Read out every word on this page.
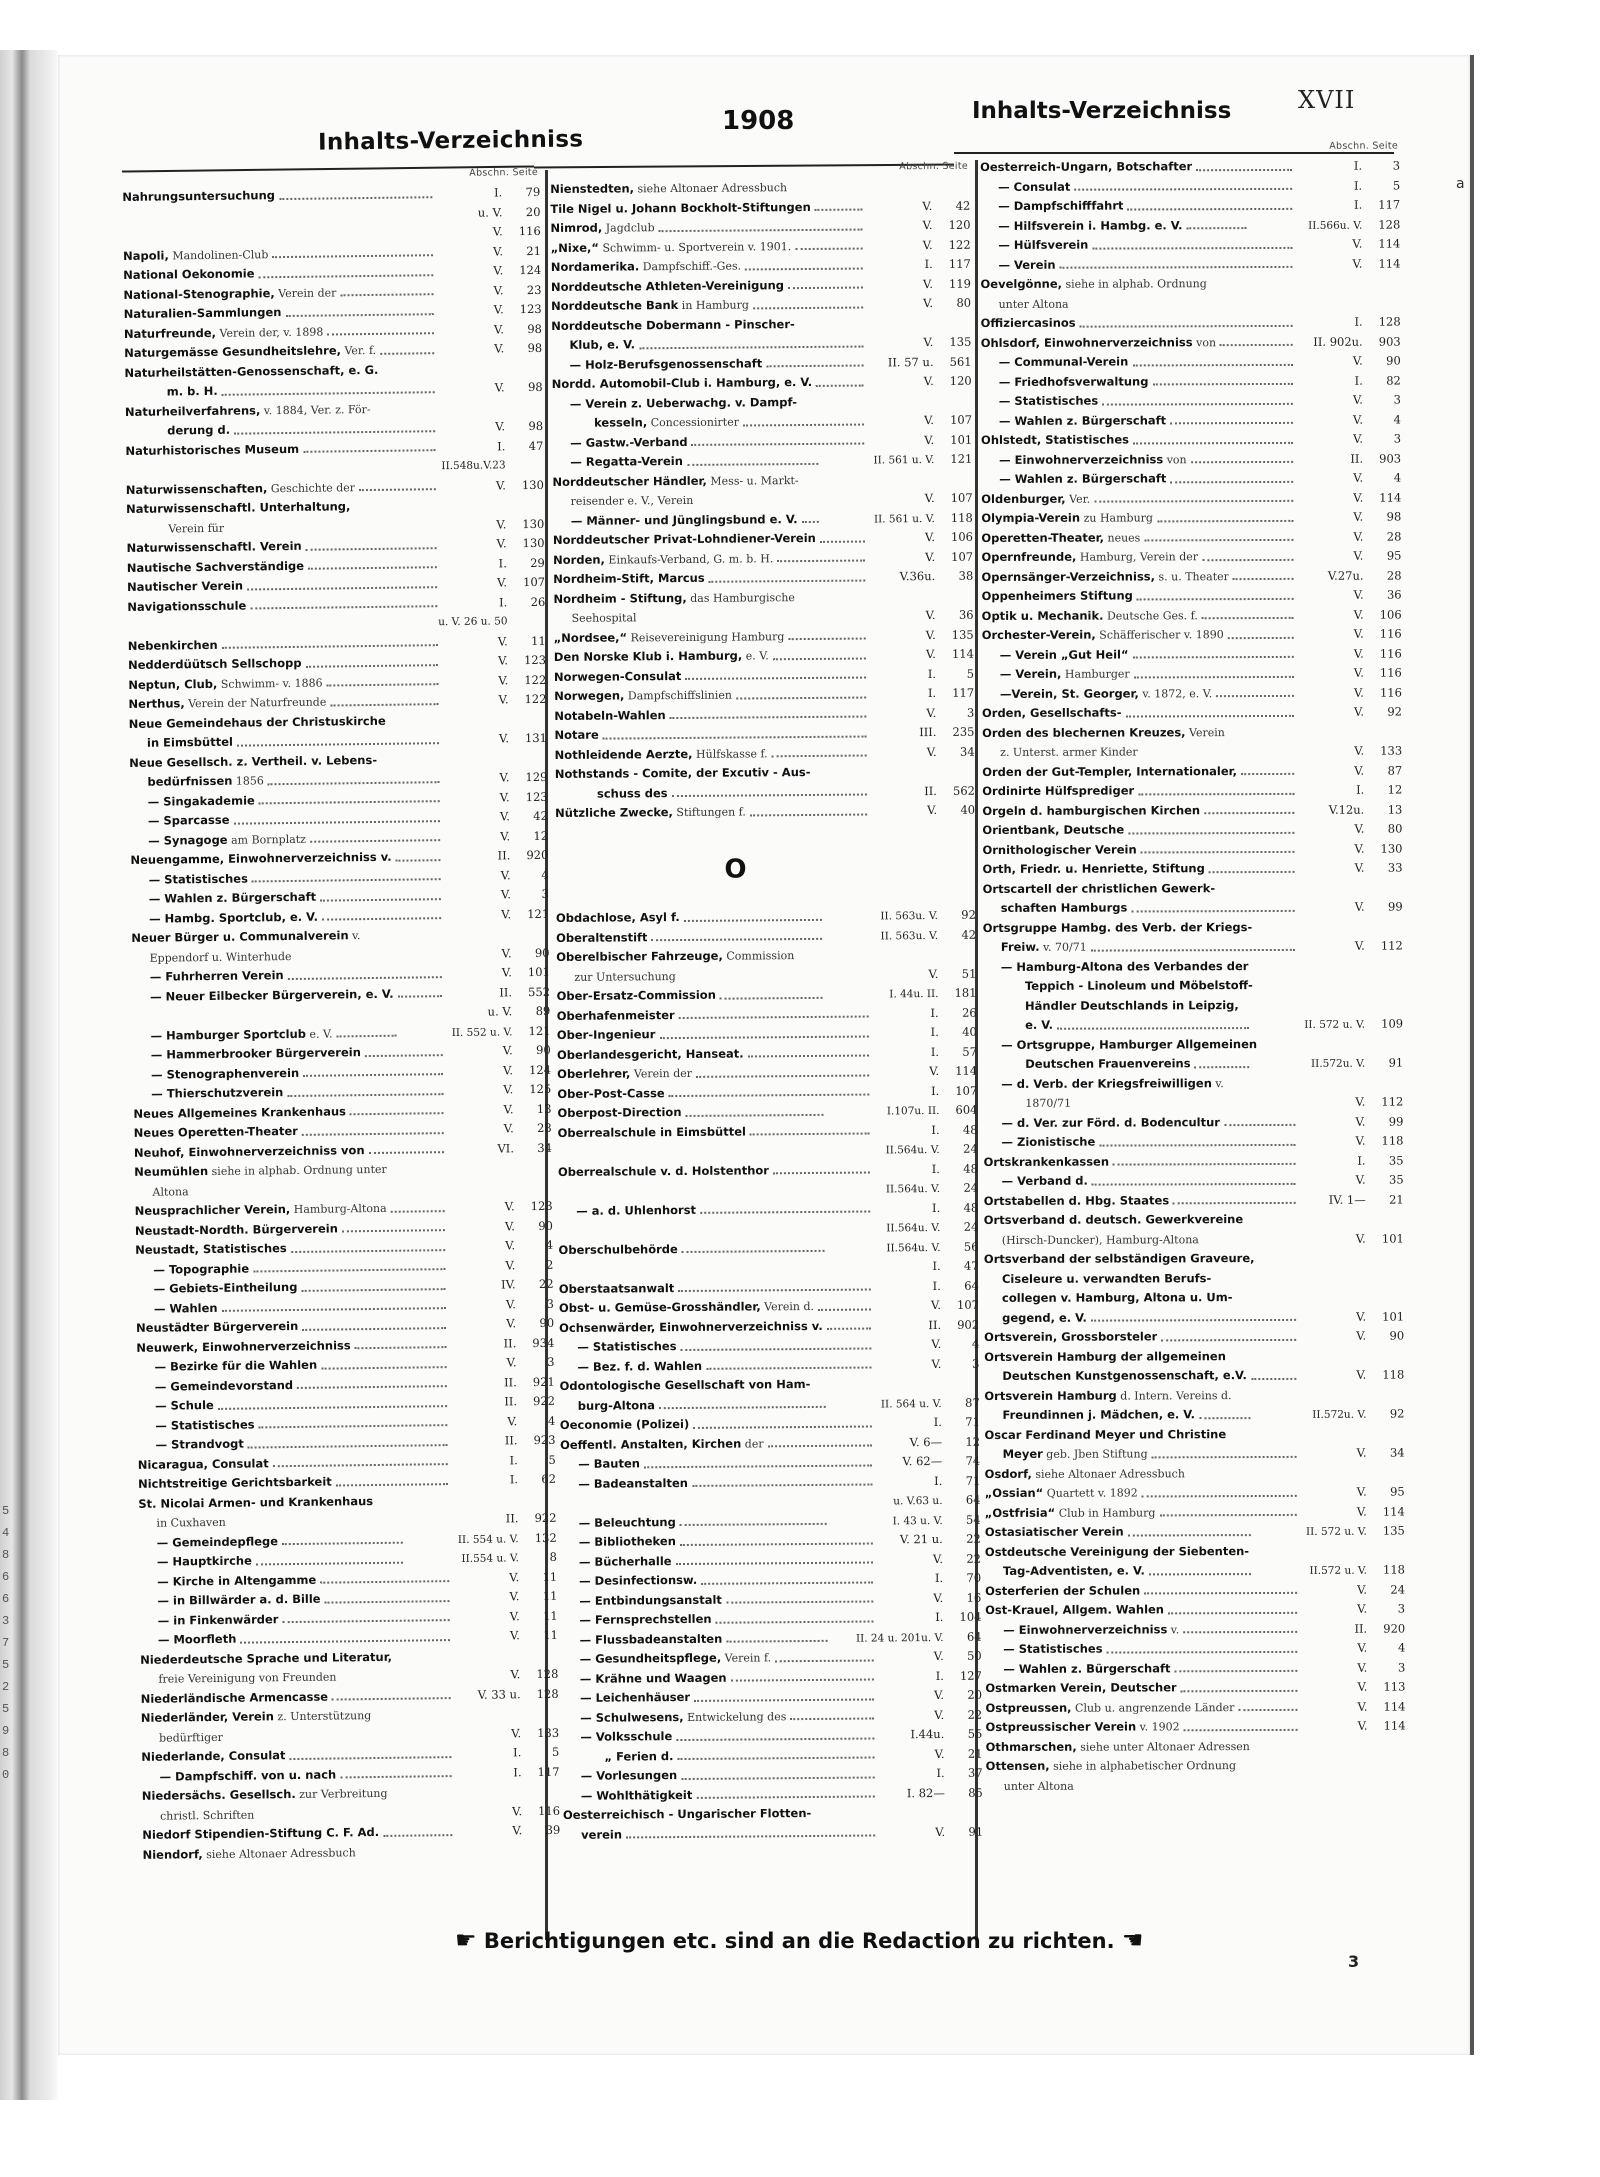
5
4
8
6
6
3
7
5
2
5
9
8
0
Inhalts-Verzeichniss
1908	Inhalts-Verzeichniss	XVII
Abschn. Seite
Nahrungsuntersuchung	I.	79
u. V.	20
V.	116
Napoli, Mandolinen-Club	V.	21
National Oekonomie	V.	124
National-Stenographie, Verein der	V.	23
Naturalien-Sammlungen	V.	123
Naturfreunde, Verein der, v. 1898	V.	98
Naturgemässe Gesundheitslehre, Ver. f.	V.	98
Naturheilstätten-Genossenschaft, e. G.
m. b. H.	V.	98
Naturheilverfahrens, v. 1884, Ver. z. För-
derung d.	V.	98
Naturhistorisches Museum	I.	47
II.548u.V.23
Naturwissenschaften, Geschichte der	V.	130
Naturwissenschaftl. Unterhaltung,
Verein für	V.	130
Naturwissenschaftl. Verein	V.	130
Nautische Sachverständige	I.	29
Nautischer Verein	V.	107
Navigationsschule	I.	26
u. V. 26 u. 50
Nebenkirchen	V.	11
Nedderdüütsch Sellschopp	V.	123
Neptun, Club, Schwimm- v. 1886	V.	122
Nerthus, Verein der Naturfreunde	V.	122
Neue Gemeindehaus der Christuskirche
in Eimsbüttel	V.	131
Neue Gesellsch. z. Vertheil. v. Lebens-
bedürfnissen 1856	V.	129
— Singakademie	V.	123
— Sparcasse	V.	42
— Synagoge am Bornplatz	V.	12
Neuengamme, Einwohnerverzeichniss v.	II.	920
— Statistisches	V.	4
— Wahlen z. Bürgerschaft	V.	3
— Hambg. Sportclub, e. V.	V.	121
Neuer Bürger u. Communalverein v.
Eppendorf u. Winterhude	V.	90
— Fuhrherren Verein	V.	101
— Neuer Eilbecker Bürgerverein, e. V.	II.	552
u. V.	89
— Hamburger Sportclub e. V.	II. 552 u. V.	121
— Hammerbrooker Bürgerverein	V.	90
— Stenographenverein	V.	124
— Thierschutzverein	V.	125
Neues Allgemeines Krankenhaus	V.	13
Neues Operetten-Theater	V.	28
Neuhof, Einwohnerverzeichniss von	VI.	34
Neumühlen siehe in alphab. Ordnung unter
Altona
Neusprachlicher Verein, Hamburg-Altona	V.	123
Neustadt-Nordth. Bürgerverein	V.	90
Neustadt, Statistisches	V.	4
— Topographie	V.	2
— Gebiets-Eintheilung	IV.	22
— Wahlen	V.	3
Neustädter Bürgerverein	V.	90
Neuwerk, Einwohnerverzeichniss	II.	934
— Bezirke für die Wahlen	V.	3
— Gemeindevorstand	II.	921
— Schule	II.	922
— Statistisches	V.	4
— Strandvogt	II.	923
Nicaragua, Consulat	I.	5
Nichtstreitige Gerichtsbarkeit	I.	62
St. Nicolai Armen- und Krankenhaus
in Cuxhaven	II.	922
— Gemeindepflege	II. 554 u. V.	132
— Hauptkirche	II.554 u. V.	8
— Kirche in Altengamme	V.	11
— in Billwärder a. d. Bille	V.	11
— in Finkenwärder	V.	11
— Moorfleth	V.	11
Niederdeutsche Sprache und Literatur,
freie Vereinigung von Freunden	V.	128
Niederländische Armencasse	V. 33 u.	128
Niederländer, Verein z. Unterstützung
bedürftiger	V.	133
Niederlande, Consulat	I.	5
— Dampfschiff. von u. nach	I.	117
Niedersächs. Gesellsch. zur Verbreitung
christl. Schriften	V.	116
Niedorf Stipendien-Stiftung C. F. Ad.	V.	39
Niendorf, siehe Altonaer Adressbuch
Abschn. Seite
Nienstedten, siehe Altonaer Adressbuch
Tile Nigel u. Johann Bockholt-Stiftungen	V.	42
Nimrod, Jagdclub	V.	120
„Nixe,“ Schwimm- u. Sportverein v. 1901.	V.	122
Nordamerika. Dampfschiff.-Ges.	I.	117
Norddeutsche Athleten-Vereinigung	V.	119
Norddeutsche Bank in Hamburg	V.	80
Norddeutsche Dobermann - Pinscher-
Klub, e. V.	V.	135
— Holz-Berufsgenossenschaft	II. 57 u.	561
Nordd. Automobil-Club i. Hamburg, e. V.	V.	120
— Verein z. Ueberwachg. v. Dampf-
kesseln, Concessionirter	V.	107
— Gastw.-Verband	V.	101
— Regatta-Verein	II. 561 u. V.	121
Norddeutscher Händler, Mess- u. Markt-
reisender e. V., Verein	V.	107
— Männer- und Jünglingsbund e. V.	II. 561 u. V.	118
Norddeutscher Privat-Lohndiener-Verein	V.	106
Norden, Einkaufs-Verband, G. m. b. H.	V.	107
Nordheim-Stift, Marcus	V.36u.	38
Nordheim - Stiftung, das Hamburgische
Seehospital	V.	36
„Nordsee,“ Reisevereinigung Hamburg	V.	135
Den Norske Klub i. Hamburg, e. V.	V.	114
Norwegen-Consulat	I.	5
Norwegen, Dampfschiffslinien	I.	117
Notabeln-Wahlen	V.	3
Notare	III.	235
Nothleidende Aerzte, Hülfskasse f.	V.	34
Nothstands - Comite, der Excutiv - Aus-
schuss des	II.	562
Nützliche Zwecke, Stiftungen f.	V.	40
O
Obdachlose, Asyl f.	II. 563u. V.	92
Oberaltenstift	II. 563u. V.	42
Oberelbischer Fahrzeuge, Commission
zur Untersuchung	V.	51
Ober-Ersatz-Commission	I. 44u. II.	181
Oberhafenmeister	I.	26
Ober-Ingenieur	I.	40
Oberlandesgericht, Hanseat.	I.	57
Oberlehrer, Verein der	V.	114
Ober-Post-Casse	I.	107
Oberpost-Direction	I.107u. II.	604
Oberrealschule in Eimsbüttel	I.	48
II.564u. V.	24
Oberrealschule v. d. Holstenthor	I.	48
II.564u. V.	24
— a. d. Uhlenhorst	I.	48
II.564u. V.	24
Oberschulbehörde	II.564u. V.	56
I.	47
Oberstaatsanwalt	I.	64
Obst- u. Gemüse-Grosshändler, Verein d.	V.	107
Ochsenwärder, Einwohnerverzeichniss v.	II.	902
— Statistisches	V.	4
— Bez. f. d. Wahlen	V.	3
Odontologische Gesellschaft von Ham-
burg-Altona	II. 564 u. V.	87
Oeconomie (Polizei)	I.	71
Oeffentl. Anstalten, Kirchen der	V. 6—	12
— Bauten	V. 62—	74
— Badeanstalten	I.	71
u. V.63 u.	64
— Beleuchtung	I. 43 u. V.	54
— Bibliotheken	V. 21 u.	22
— Bücherhalle	V.	22
— Desinfectionsw.	I.	70
— Entbindungsanstalt	V.	16
— Fernsprechstellen	I.	104
— Flussbadeanstalten	II. 24 u. 201u. V.	64
— Gesundheitspflege, Verein f.	V.	50
— Krähne und Waagen	I.	127
— Leichenhäuser	V.	20
— Schulwesens, Entwickelung des	V.	22
— Volksschule	I.44u.	55
„ Ferien d.	V.	21
— Vorlesungen	I.	37
— Wohlthätigkeit	I. 82—	85
Oesterreichisch - Ungarischer Flotten-
verein	V.	91
Abschn. Seite
Oesterreich-Ungarn, Botschafter	I.	3
— Consulat	I.	5
— Dampfschifffahrt	I.	117
— Hilfsverein i. Hambg. e. V.	II.566u. V.	128
— Hülfsverein	V.	114
— Verein	V.	114
Oevelgönne, siehe in alphab. Ordnung
unter Altona
Offiziercasinos	I.	128
Ohlsdorf, Einwohnerverzeichniss von	II. 902u.	903
— Communal-Verein	V.	90
— Friedhofsverwaltung	I.	82
— Statistisches	V.	3
— Wahlen z. Bürgerschaft	V.	4
Ohlstedt, Statistisches	V.	3
— Einwohnerverzeichniss von	II.	903
— Wahlen z. Bürgerschaft	V.	4
Oldenburger, Ver.	V.	114
Olympia-Verein zu Hamburg	V.	98
Operetten-Theater, neues	V.	28
Opernfreunde, Hamburg, Verein der	V.	95
Opernsänger-Verzeichniss, s. u. Theater	V.27u.	28
Oppenheimers Stiftung	V.	36
Optik u. Mechanik. Deutsche Ges. f.	V.	106
Orchester-Verein, Schäfferischer v. 1890	V.	116
— Verein „Gut Heil“	V.	116
— Verein, Hamburger	V.	116
—Verein, St. Georger, v. 1872, e. V.	V.	116
Orden, Gesellschafts-	V.	92
Orden des blechernen Kreuzes, Verein
z. Unterst. armer Kinder	V.	133
Orden der Gut-Templer, Internationaler,	V.	87
Ordinirte Hülfsprediger	I.	12
Orgeln d. hamburgischen Kirchen	V.12u.	13
Orientbank, Deutsche	V.	80
Ornithologischer Verein	V.	130
Orth, Friedr. u. Henriette, Stiftung	V.	33
Ortscartell der christlichen Gewerk-
schaften Hamburgs	V.	99
Ortsgruppe Hambg. des Verb. der Kriegs-
Freiw. v. 70/71	V.	112
— Hamburg-Altona des Verbandes der
Teppich - Linoleum und Möbelstoff-
Händler Deutschlands in Leipzig,
e. V.	II. 572 u. V.	109
— Ortsgruppe, Hamburger Allgemeinen
Deutschen Frauenvereins	II.572u. V.	91
— d. Verb. der Kriegsfreiwilligen v.
1870/71	V.	112
— d. Ver. zur Förd. d. Bodencultur	V.	99
— Zionistische	V.	118
Ortskrankenkassen	I.	35
— Verband d.	V.	35
Ortstabellen d. Hbg. Staates	IV. 1—	21
Ortsverband d. deutsch. Gewerkvereine
(Hirsch-Duncker), Hamburg-Altona	V.	101
Ortsverband der selbständigen Graveure,
Ciseleure u. verwandten Berufs-
collegen v. Hamburg, Altona u. Um-
gegend, e. V.	V.	101
Ortsverein, Grossborsteler	V.	90
Ortsverein Hamburg der allgemeinen
Deutschen Kunstgenossenschaft, e.V.	V.	118
Ortsverein Hamburg d. Intern. Vereins d.
Freundinnen j. Mädchen, e. V.	II.572u. V.	92
Oscar Ferdinand Meyer und Christine
Meyer geb. Jben Stiftung	V.	34
Osdorf, siehe Altonaer Adressbuch
„Ossian“ Quartett v. 1892	V.	95
„Ostfrisia“ Club in Hamburg	V.	114
Ostasiatischer Verein	II. 572 u. V.	135
Ostdeutsche Vereinigung der Siebenten-
Tag-Adventisten, e. V.	II.572 u. V.	118
Osterferien der Schulen	V.	24
Ost-Krauel, Allgem. Wahlen	V.	3
— Einwohnerverzeichniss v.	II.	920
— Statistisches	V.	4
— Wahlen z. Bürgerschaft	V.	3
Ostmarken Verein, Deutscher	V.	113
Ostpreussen, Club u. angrenzende Länder	V.	114
Ostpreussischer Verein v. 1902	V.	114
Othmarschen, siehe unter Altonaer Adressen
Ottensen, siehe in alphabetischer Ordnung
unter Altona
a
☛ Berichtigungen etc. sind an die Redaction zu richten. ☚
3
